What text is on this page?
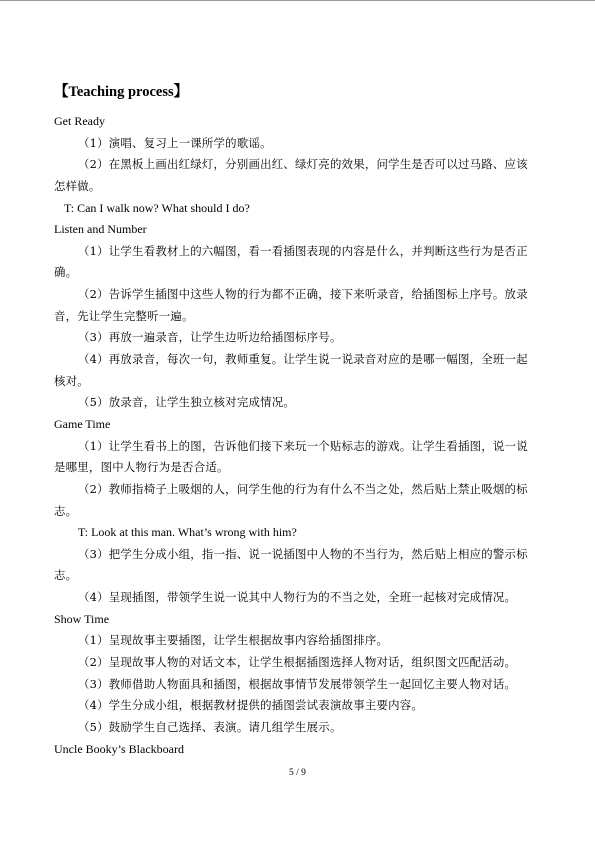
【Teaching process】
Get Ready
（1）演唱、复习上一课所学的歌谣。
（2）在黑板上画出红绿灯，分别画出红、绿灯亮的效果，问学生是否可以过马路、应该
怎样做。
T: Can I walk now? What should I do?
Listen and Number
（1）让学生看教材上的六幅图，看一看插图表现的内容是什么，并判断这些行为是否正
确。
（2）告诉学生插图中这些人物的行为都不正确，接下来听录音，给插图标上序号。放录
音，先让学生完整听一遍。
（3）再放一遍录音，让学生边听边给插图标序号。
（4）再放录音，每次一句，教师重复。让学生说一说录音对应的是哪一幅图，全班一起
核对。
（5）放录音，让学生独立核对完成情况。
Game Time
（1）让学生看书上的图，告诉他们接下来玩一个贴标志的游戏。让学生看插图，说一说
是哪里，图中人物行为是否合适。
（2）教师指椅子上吸烟的人，问学生他的行为有什么不当之处，然后贴上禁止吸烟的标
志。
T: Look at this man. What’s wrong with him?
（3）把学生分成小组，指一指、说一说插图中人物的不当行为，然后贴上相应的警示标
志。
（4）呈现插图，带领学生说一说其中人物行为的不当之处，全班一起核对完成情况。
Show Time
（1）呈现故事主要插图，让学生根据故事内容给插图排序。
（2）呈现故事人物的对话文本，让学生根据插图选择人物对话，组织图文匹配活动。
（3）教师借助人物面具和插图，根据故事情节发展带领学生一起回忆主要人物对话。
（4）学生分成小组，根据教材提供的插图尝试表演故事主要内容。
（5）鼓励学生自己选择、表演。请几组学生展示。
Uncle Booky’s Blackboard
5 / 9
